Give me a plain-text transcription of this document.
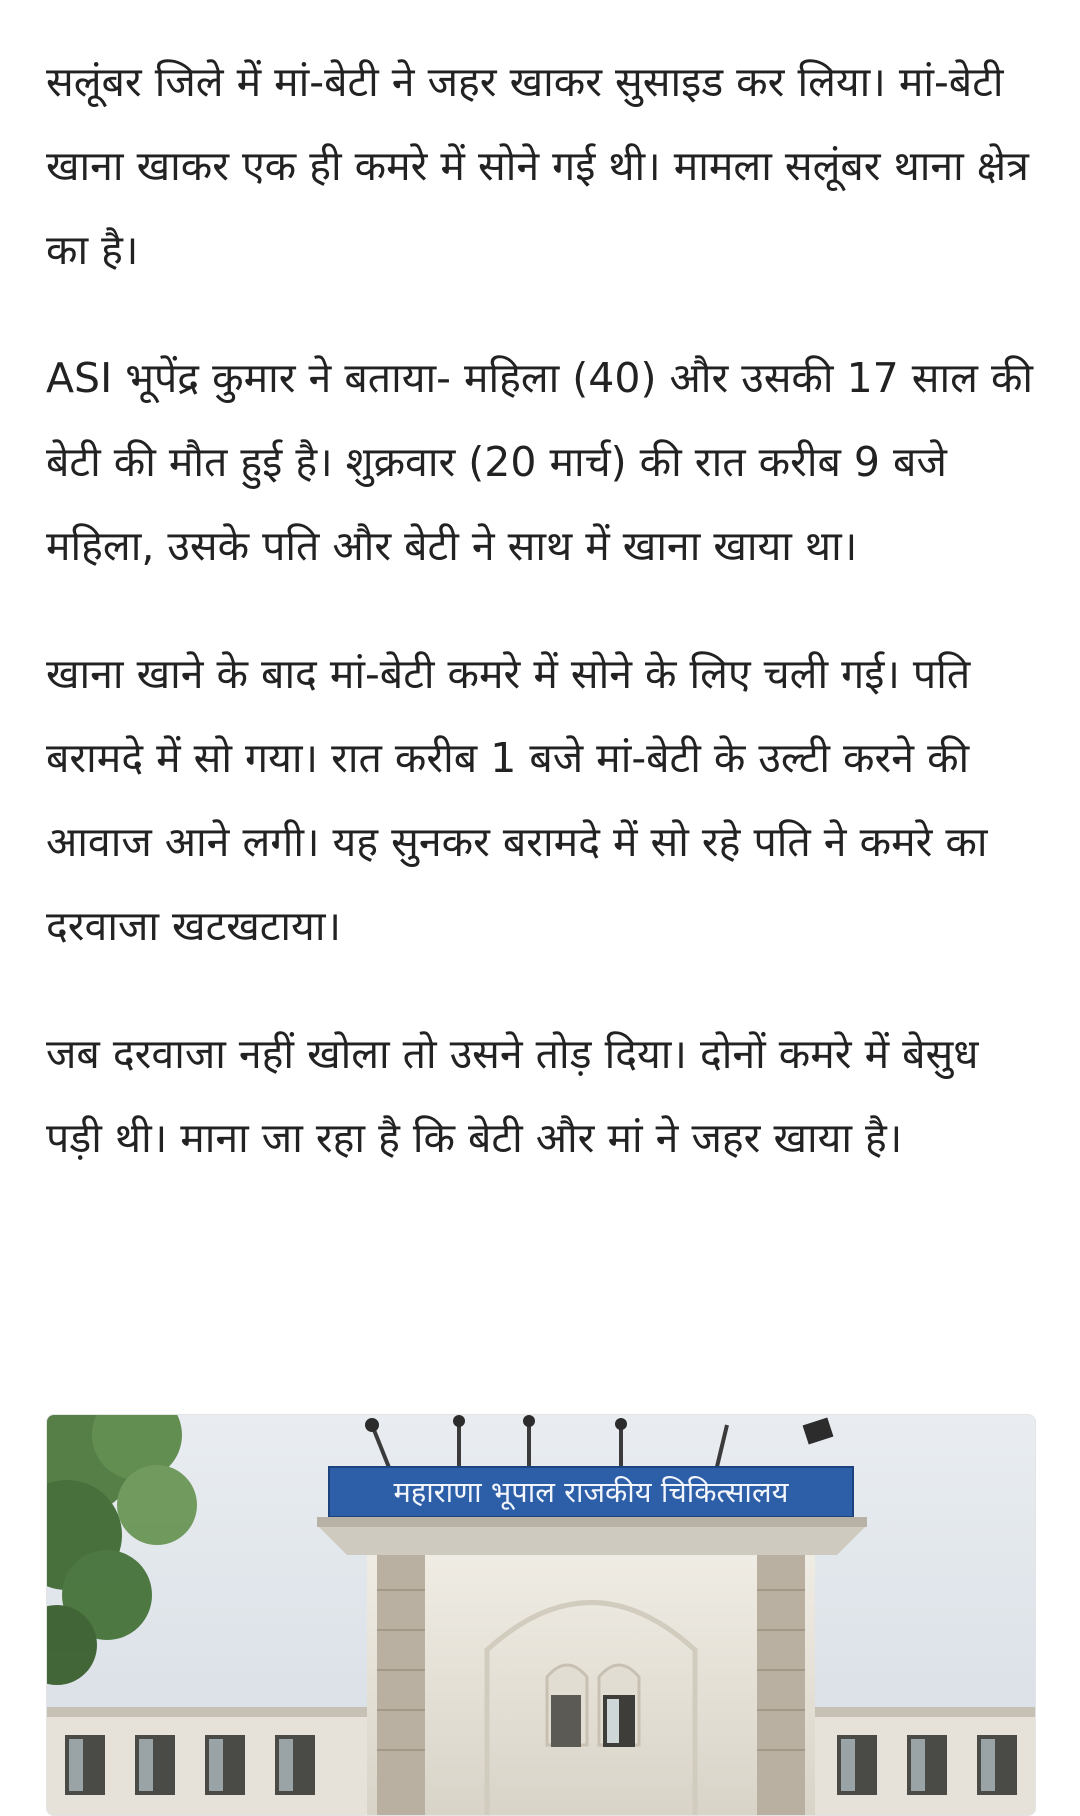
सलूंबर जिले में मां-बेटी ने जहर खाकर सुसाइड कर लिया। मां-बेटी खाना खाकर एक ही कमरे में सोने गई थी। मामला सलूंबर थाना क्षेत्र का है।

ASI भूपेंद्र कुमार ने बताया- महिला (40) और उसकी 17 साल की बेटी की मौत हुई है। शुक्रवार (20 मार्च) की रात करीब 9 बजे महिला, उसके पति और बेटी ने साथ में खाना खाया था।

खाना खाने के बाद मां-बेटी कमरे में सोने के लिए चली गई। पति बरामदे में सो गया। रात करीब 1 बजे मां-बेटी के उल्टी करने की आवाज आने लगी। यह सुनकर बरामदे में सो रहे पति ने कमरे का दरवाजा खटखटाया।

जब दरवाजा नहीं खोला तो उसने तोड़ दिया। दोनों कमरे में बेसुध पड़ी थी। माना जा रहा है कि बेटी और मां ने जहर खाया है।

महाराणा भूपाल राजकीय चिकित्सालय
